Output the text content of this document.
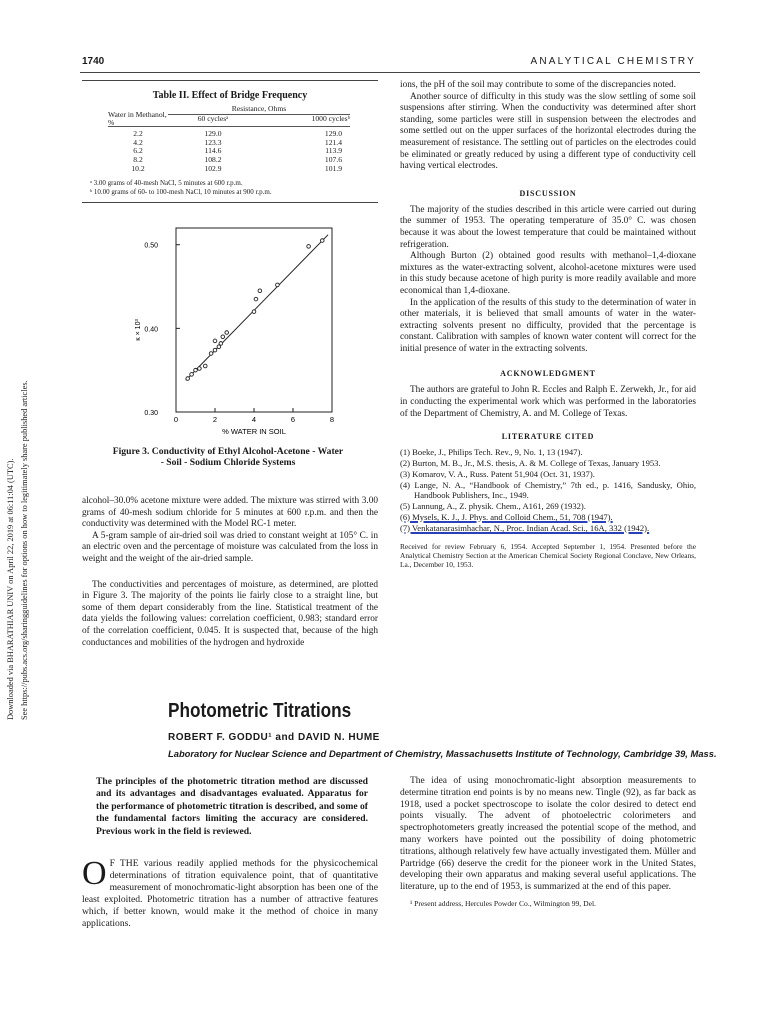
Downloaded via BHARATHIAR UNIV on April 22, 2019 at 06:11:04 (UTC). See https://pubs.acs.org/sharingguidelines for options on how to legitimately share published articles.
1740	ANALYTICAL CHEMISTRY
Table II. Effect of Bridge Frequency
Water in Methanol, %	Resistance, Ohms	
	60 cyclesᵃ	1000 cyclesᵇ

2.2	129.0	129.0
4.2	123.3	121.4
6.2	114.6	113.9
8.2	108.2	107.6
10.2	102.9	101.9
ᵃ 3.00 grams of 40-mesh NaCl, 5 minutes at 600 r.p.m.
ᵇ 10.00 grams of 60- to 100-mesh NaCl, 10 minutes at 900 r.p.m.
0	2	4	6	8
0.30
0.40
0.50
% WATER IN SOIL
κ × 10³
Figure 3. Conductivity of Ethyl Alcohol-Acetone - Water - Soil - Sodium Chloride Systems

alcohol–30.0% acetone mixture were added. The mixture was stirred with 3.00 grams of 40-mesh sodium chloride for 5 minutes at 600 r.p.m. and then the conductivity was determined with the Model RC-1 meter.

A 5-gram sample of air-dried soil was dried to constant weight at 105° C. in an electric oven and the percentage of moisture was calculated from the loss in weight and the weight of the air-dried sample.

The conductivities and percentages of moisture, as determined, are plotted in Figure 3. The majority of the points lie fairly close to a straight line, but some of them depart considerably from the line. Statistical treatment of the data yields the following values: correlation coefficient, 0.983; standard error of the correlation coefficient, 0.045. It is suspected that, because of the high conductances and mobilities of the hydrogen and hydroxide

ions, the pH of the soil may contribute to some of the discrepancies noted.

Another source of difficulty in this study was the slow settling of some soil suspensions after stirring. When the conductivity was determined after short standing, some particles were still in suspension between the electrodes and some settled out on the upper surfaces of the horizontal electrodes during the measurement of resistance. The settling out of particles on the electrodes could be eliminated or greatly reduced by using a different type of conductivity cell having vertical electrodes.

DISCUSSION

The majority of the studies described in this article were carried out during the summer of 1953. The operating temperature of 35.0° C. was chosen because it was about the lowest temperature that could be maintained without refrigeration.

Although Burton (2) obtained good results with methanol–1,4-dioxane mixtures as the water-extracting solvent, alcohol-acetone mixtures were used in this study because acetone of high purity is more readily available and more economical than 1,4-dioxane.

In the application of the results of this study to the determination of water in other materials, it is believed that small amounts of water in the water-extracting solvents present no difficulty, provided that the percentage is constant. Calibration with samples of known water content will correct for the initial presence of water in the extracting solvents.

ACKNOWLEDGMENT

The authors are grateful to John R. Eccles and Ralph E. Zerwekh, Jr., for aid in conducting the experimental work which was performed in the laboratories of the Department of Chemistry, A. and M. College of Texas.

LITERATURE CITED
(1) Boeke, J., Philips Tech. Rev., 9, No. 1, 13 (1947).
(2) Burton, M. B., Jr., M.S. thesis, A. & M. College of Texas, January 1953.
(3) Komarov, V. A., Russ. Patent 51,904 (Oct. 31, 1937).
(4) Lange, N. A., “Handbook of Chemistry,” 7th ed., p. 1416, Sandusky, Ohio, Handbook Publishers, Inc., 1949.
(5) Lannung, A., Z. physik. Chem., A161, 269 (1932).
(6) Mysels, K. J., J. Phys. and Colloid Chem., 51, 708 (1947).
(7) Venkatanarasimhachar, N., Proc. Indian Acad. Sci., 16A, 332 (1942).
Received for review February 6, 1954. Accepted September 1, 1954. Presented before the Analytical Chemistry Section at the American Chemical Society Regional Conclave, New Orleans, La., December 10, 1953.
Photometric Titrations
ROBERT F. GODDU¹ and DAVID N. HUME
Laboratory for Nuclear Science and Department of Chemistry, Massachusetts Institute of Technology, Cambridge 39, Mass.
The principles of the photometric titration method are discussed and its advantages and disadvantages evaluated. Apparatus for the performance of photometric titration is described, and some of the fundamental factors limiting the accuracy are considered. Previous work in the field is reviewed.
O F THE various readily applied methods for the physicochemical determinations of titration equivalence point, that of quantitative measurement of monochromatic-light absorption has been one of the least exploited. Photometric titration has a number of attractive features which, if better known, would make it the method of choice in many applications.

The idea of using monochromatic-light absorption measurements to determine titration end points is by no means new. Tingle (92), as far back as 1918, used a pocket spectroscope to isolate the color desired to detect end points visually. The advent of photoelectric colorimeters and spectrophotometers greatly increased the potential scope of the method, and many workers have pointed out the possibility of doing photometric titrations, although relatively few have actually investigated them. Müller and Partridge (66) deserve the credit for the pioneer work in the United States, developing their own apparatus and making several useful applications. The literature, up to the end of 1953, is summarized at the end of this paper.

¹ Present address, Hercules Powder Co., Wilmington 99, Del.
